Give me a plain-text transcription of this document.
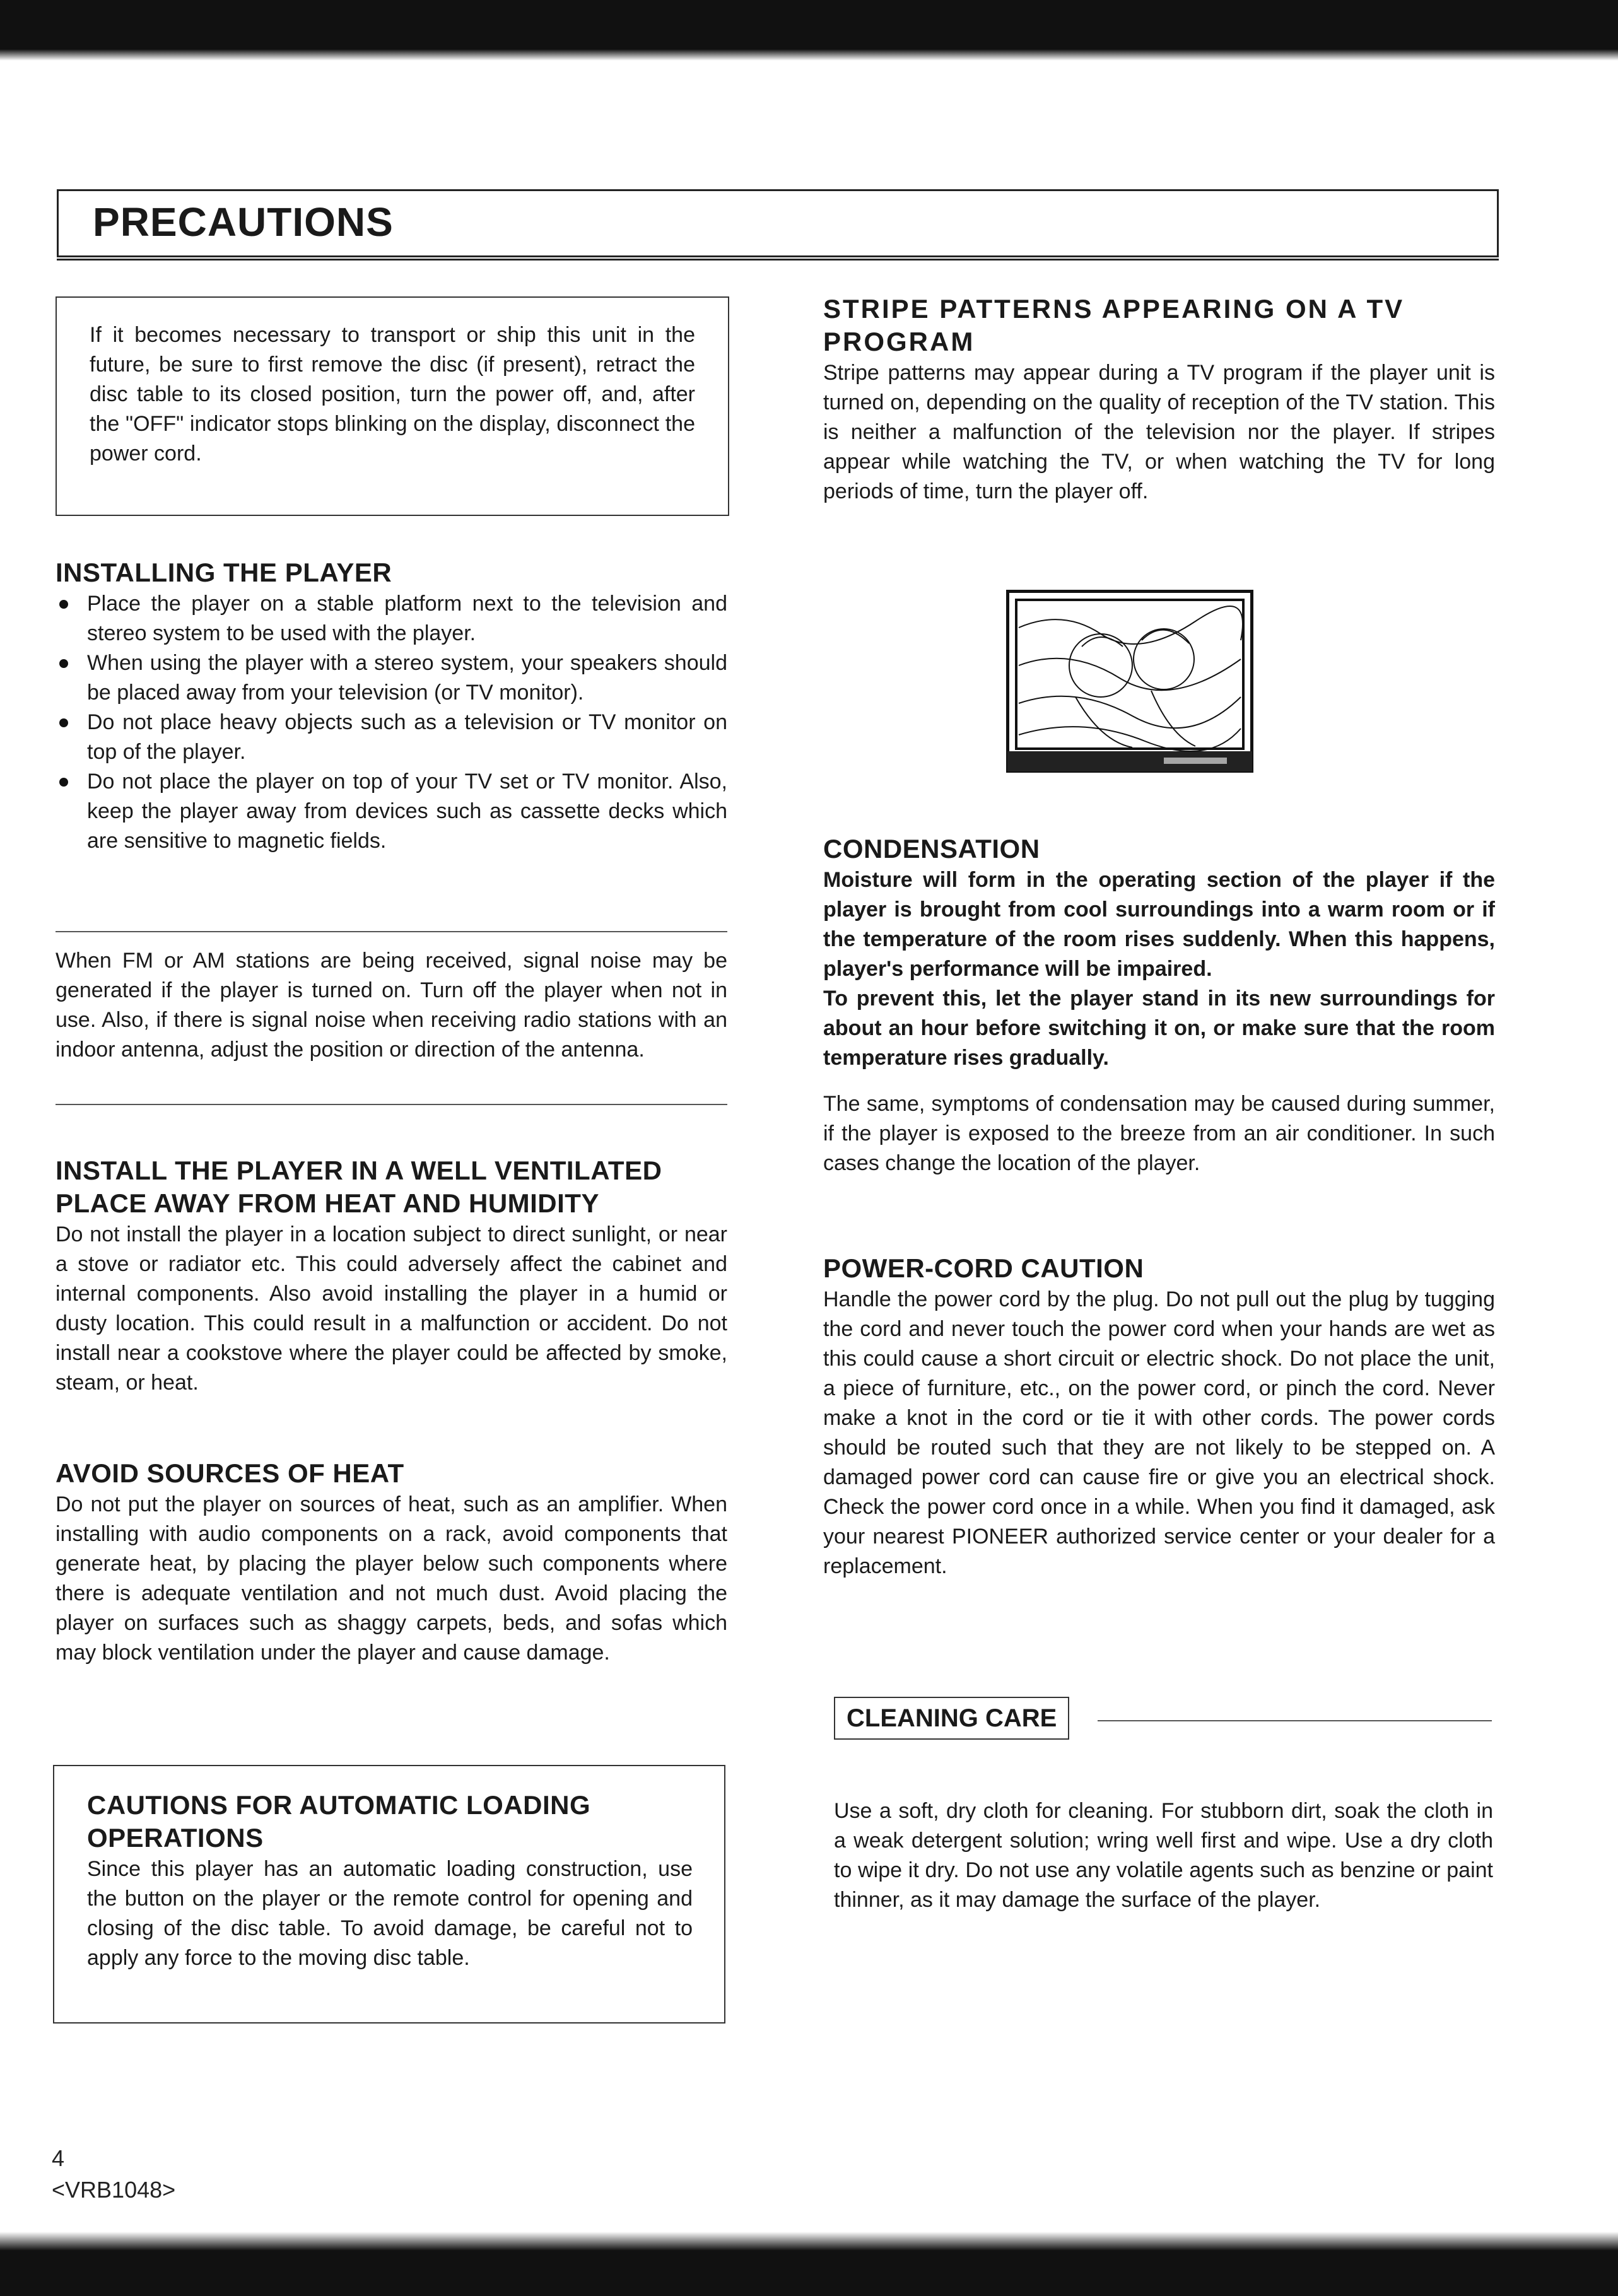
PRECAUTIONS

If it becomes necessary to transport or ship this unit in the future, be sure to first remove the disc (if present), retract the disc table to its closed position, turn the power off, and, after the "OFF" indicator stops blinking on the display, disconnect the power cord.

INSTALLING THE PLAYER
Place the player on a stable platform next to the television and stereo system to be used with the player.
When using the player with a stereo system, your speakers should be placed away from your television (or TV monitor).
Do not place heavy objects such as a television or TV monitor on top of the player.
Do not place the player on top of your TV set or TV monitor. Also, keep the player away from devices such as cassette decks which are sensitive to magnetic fields.

When FM or AM stations are being received, signal noise may be generated if the player is turned on. Turn off the player when not in use. Also, if there is signal noise when receiving radio stations with an indoor antenna, adjust the position or direction of the antenna.

INSTALL THE PLAYER IN A WELL VENTILATED PLACE AWAY FROM HEAT AND HUMIDITY

Do not install the player in a location subject to direct sunlight, or near a stove or radiator etc. This could adversely affect the cabinet and internal components. Also avoid installing the player in a humid or dusty location. This could result in a malfunction or accident. Do not install near a cookstove where the player could be affected by smoke, steam, or heat.

AVOID SOURCES OF HEAT

Do not put the player on sources of heat, such as an amplifier. When installing with audio components on a rack, avoid components that generate heat, by placing the player below such components where there is adequate ventilation and not much dust. Avoid placing the player on surfaces such as shaggy carpets, beds, and sofas which may block ventilation under the player and cause damage.

CAUTIONS FOR AUTOMATIC LOADING OPERATIONS

Since this player has an automatic loading construction, use the button on the player or the remote control for opening and closing of the disc table. To avoid damage, be careful not to apply any force to the moving disc table.

STRIPE PATTERNS APPEARING ON A TV PROGRAM

Stripe patterns may appear during a TV program if the player unit is turned on, depending on the quality of reception of the TV station. This is neither a malfunction of the television nor the player. If stripes appear while watching the TV, or when watching the TV for long periods of time, turn the player off.

CONDENSATION

Moisture will form in the operating section of the player if the player is brought from cool surroundings into a warm room or if the temperature of the room rises suddenly. When this happens, player's performance will be impaired.

To prevent this, let the player stand in its new surroundings for about an hour before switching it on, or make sure that the room temperature rises gradually.

The same, symptoms of condensation may be caused during summer, if the player is exposed to the breeze from an air conditioner. In such cases change the location of the player.

POWER-CORD CAUTION

Handle the power cord by the plug. Do not pull out the plug by tugging the cord and never touch the power cord when your hands are wet as this could cause a short circuit or electric shock. Do not place the unit, a piece of furniture, etc., on the power cord, or pinch the cord. Never make a knot in the cord or tie it with other cords. The power cords should be routed such that they are not likely to be stepped on. A damaged power cord can cause fire or give you an electrical shock. Check the power cord once in a while. When you find it damaged, ask your nearest PIONEER authorized service center or your dealer for a replacement.

CLEANING CARE

Use a soft, dry cloth for cleaning. For stubborn dirt, soak the cloth in a weak detergent solution; wring well first and wipe. Use a dry cloth to wipe it dry. Do not use any volatile agents such as benzine or paint thinner, as it may damage the surface of the player.

4
<VRB1048>
